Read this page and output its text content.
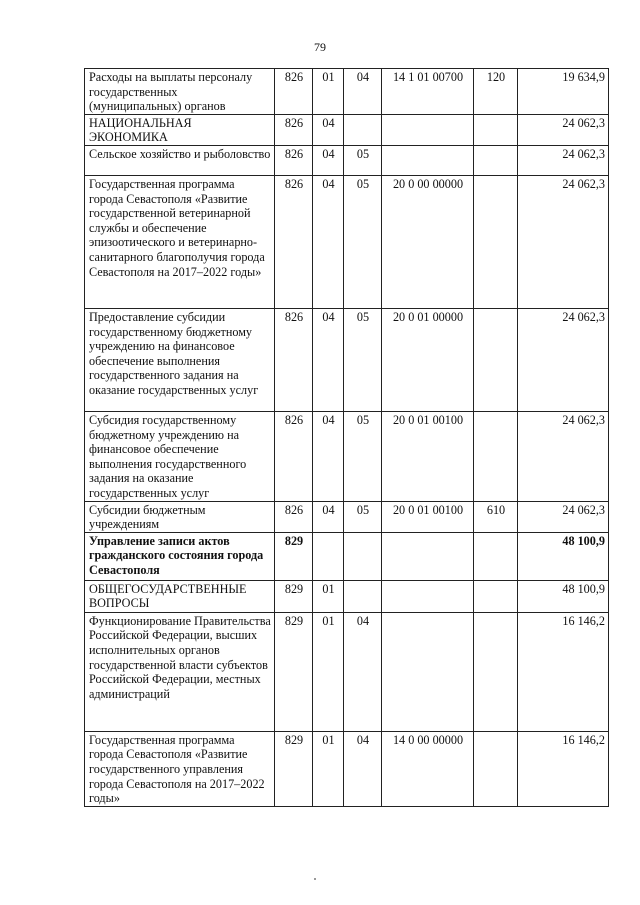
79
Расходы на выплаты персоналу государственных (муниципальных) органов	826	01	04	14 1 01 00700	120	19 634,9
НАЦИОНАЛЬНАЯ ЭКОНОМИКА	826	04				24 062,3
Сельское хозяйство и рыболовство	826	04	05			24 062,3
Государственная программа города Севастополя «Развитие государственной ветеринарной службы и обеспечение эпизоотического и ветеринарно-санитарного благополучия города Севастополя на 2017–2022 годы»	826	04	05	20 0 00 00000		24 062,3
Предоставление субсидии государственному бюджетному учреждению на финансовое обеспечение выполнения государственного задания на оказание государственных услуг	826	04	05	20 0 01 00000		24 062,3
Субсидия государственному бюджетному учреждению на финансовое обеспечение выполнения государственного задания на оказание государственных услуг	826	04	05	20 0 01 00100		24 062,3
Субсидии бюджетным учреждениям	826	04	05	20 0 01 00100	610	24 062,3
Управление записи актов гражданского состояния города Севастополя	829					48 100,9
ОБЩЕГОСУДАРСТВЕННЫЕ ВОПРОСЫ	829	01				48 100,9
Функционирование Правительства Российской Федерации, высших исполнительных органов государственной власти субъектов Российской Федерации, местных администраций	829	01	04			16 146,2
Государственная программа города Севастополя «Развитие государственного управления города Севастополя на 2017–2022 годы»	829	01	04	14 0 00 00000		16 146,2
